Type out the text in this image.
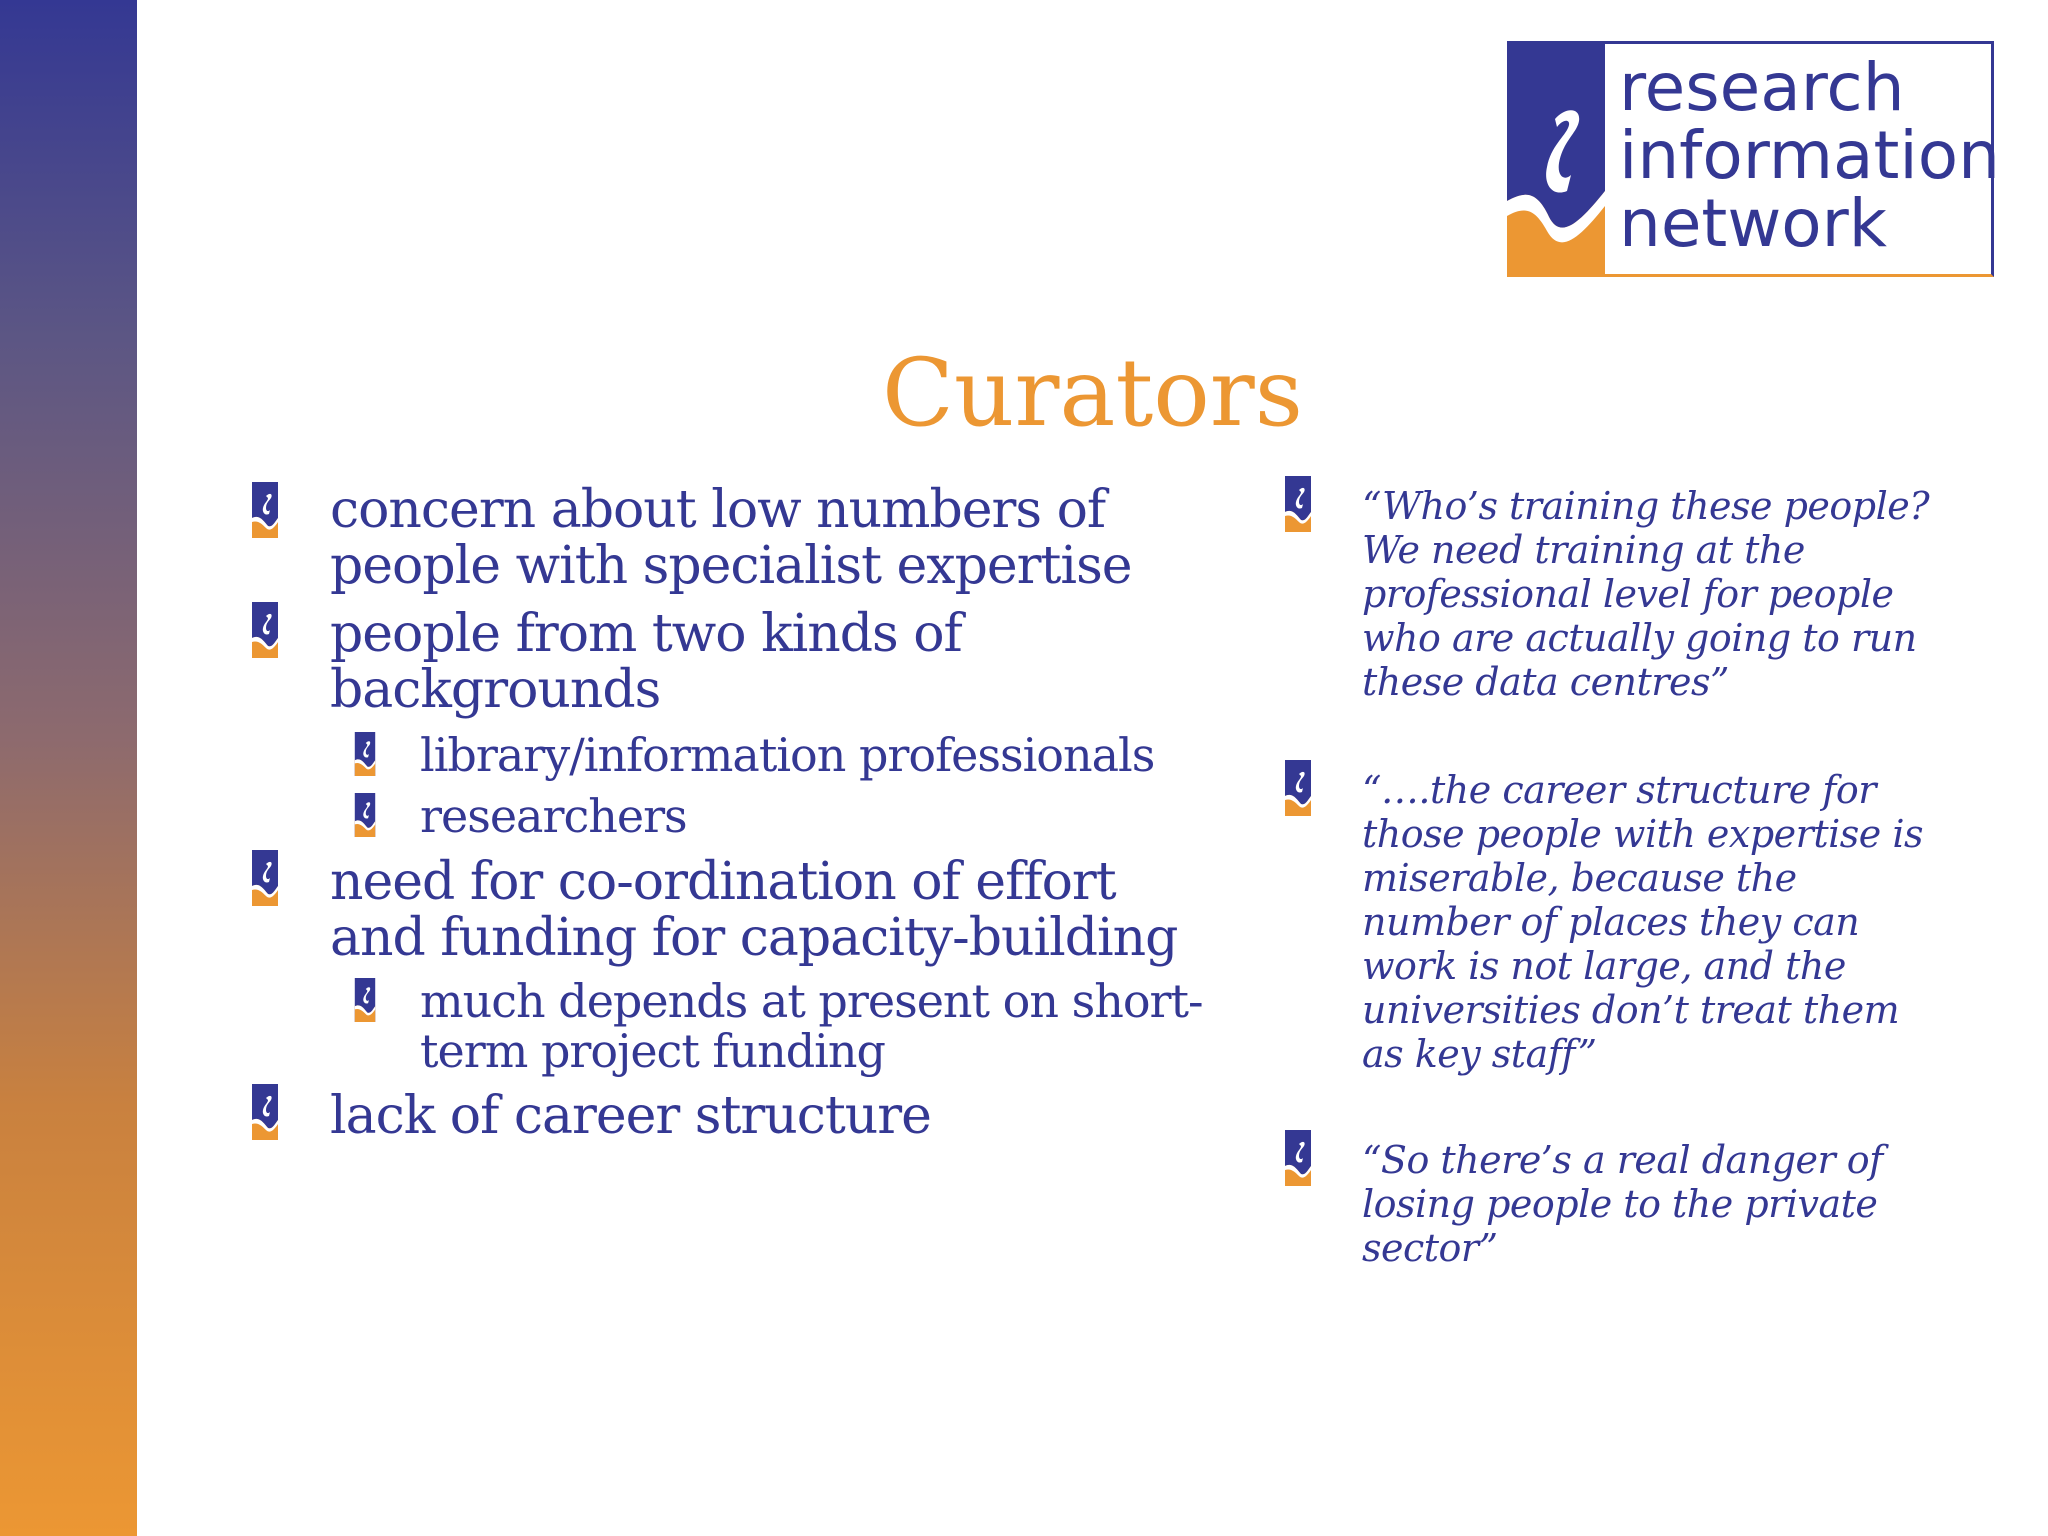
research
information
network
Curators
concern about low numbers of
people with specialist expertise
people from two kinds of
backgrounds
library/information professionals
researchers
need for co-ordination of effort
and funding for capacity-building
much depends at present on short-
term project funding
lack of career structure
“Who’s training these people?
We need training at the
professional level for people
who are actually going to run
these data centres”
“….the career structure for
those people with expertise is
miserable, because the
number of places they can
work is not large, and the
universities don’t treat them
as key staff”
“So there’s a real danger of
losing people to the private
sector”
